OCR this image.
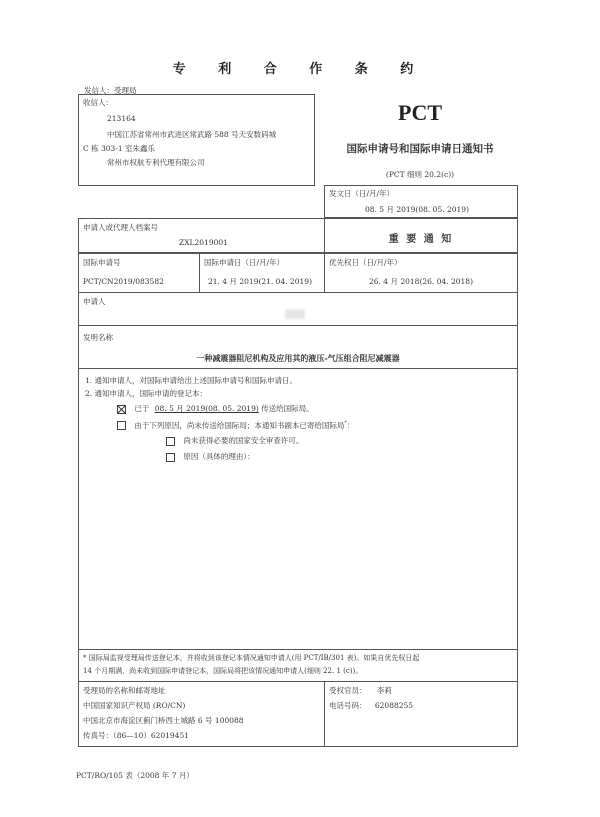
专 利 合 作 条 约
发信人：受理局
收信人：
213164
中国江苏省常州市武进区常武路 588 号天安数码城
C 栋 303-1 室朱鑫乐
常州市权航专利代理有限公司
PCT
国际申请号和国际申请日通知书
(PCT 细则 20.2(c))
发文日（日/月/年）
08. 5 月 2019(08. 05. 2019)
申请人或代理人档案号
ZXL2019001	重 要 通 知
国际申请号
PCT/CN2019/083582
国际申请日（日/月/年）
21. 4 月 2019(21. 04. 2019)
优先权日（日/月/年）
26. 4 月 2018(26. 04. 2018)
申请人
发明名称
一种减震器阻尼机构及应用其的液压-气压组合阻尼减震器
1. 通知申请人，对国际申请给出上述国际申请号和国际申请日。
2. 通知申请人，国际申请的登记本：
已于 08. 5 月 2019(08. 05. 2019) 传送给国际局。
由于下列原因，尚未传送给国际局；本通知书副本已寄给国际局*：
尚未获得必要的国家安全审查许可。
原因（具体的理由）：
* 国际局监视受理局传送登记本，并将收到该登记本情况通知申请人(用 PCT/IB/301 表)。如果自优先权日起
14 个月期满，尚未收到国际申请登记本，国际局将把该情况通知申请人(细则 22. 1 (c))。
受理局的名称和邮寄地址
中国国家知识产权局 (RO/CN)
中国北京市海淀区蓟门桥西土城路 6 号 100088
传真号：（86—10）62019451
受权官员： 李莉
电话号码： 62088255
PCT/RO/105 表（2008 年 7 月）
